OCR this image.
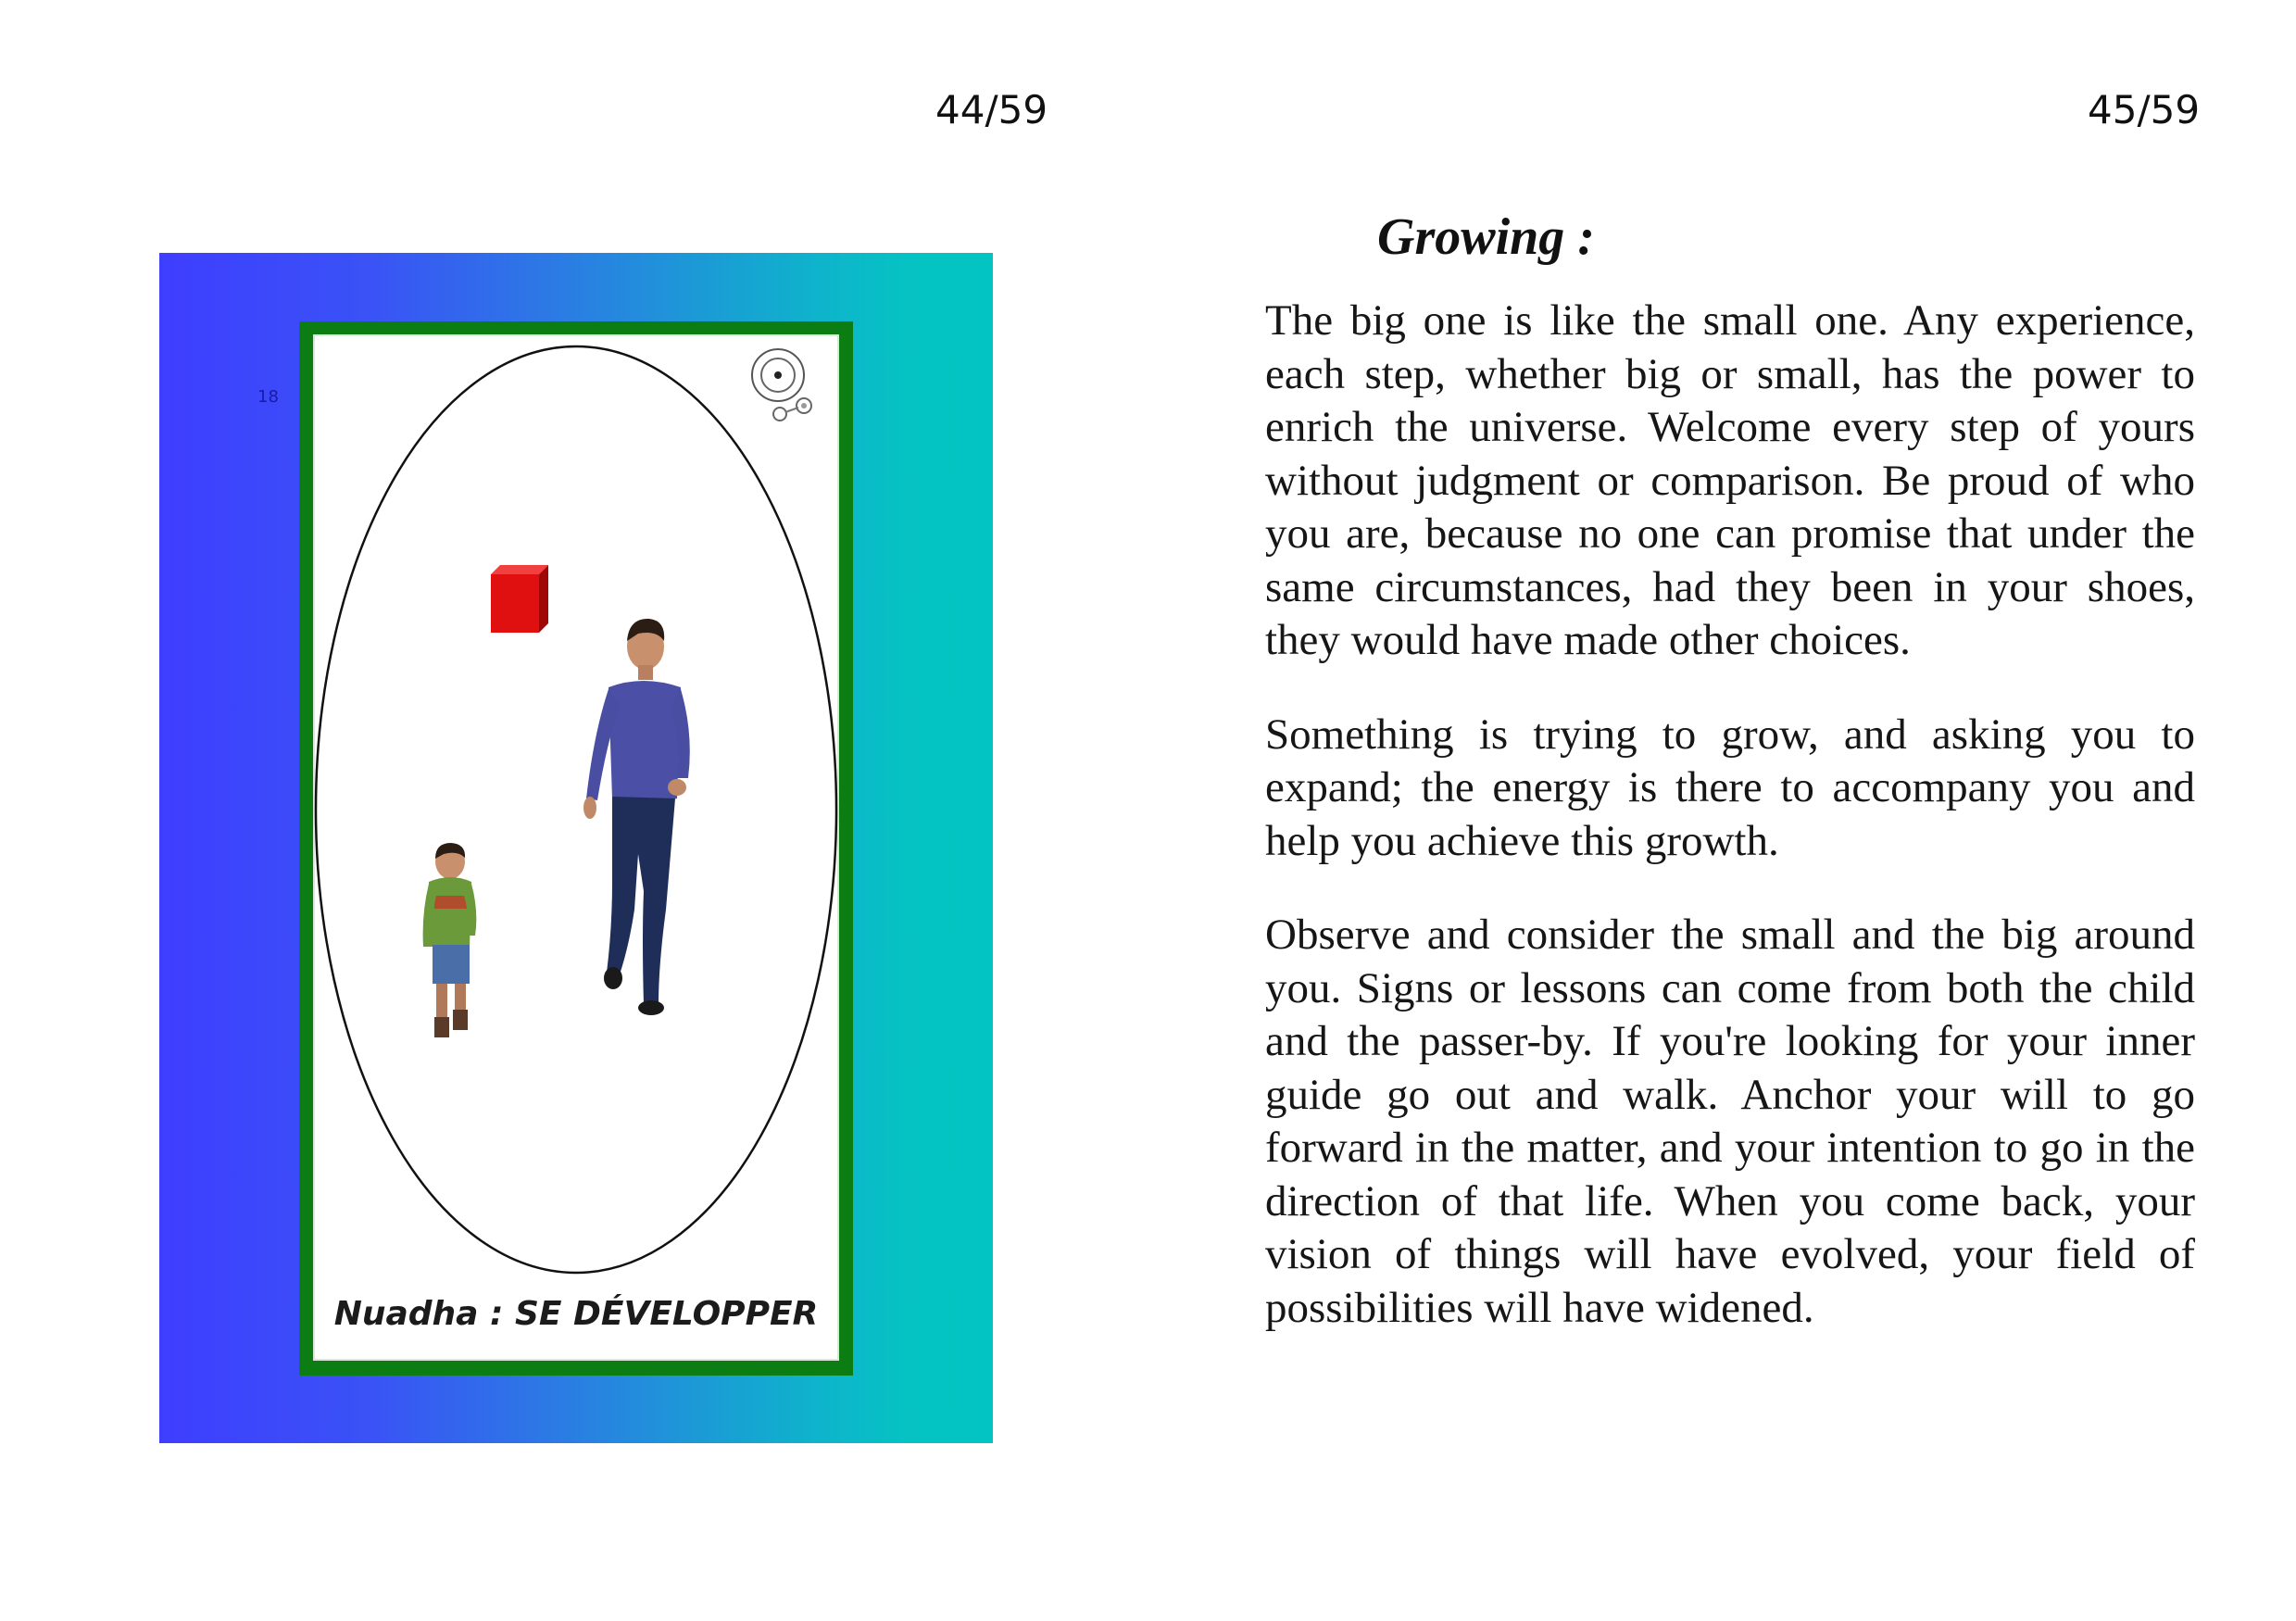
44/59	45/59
18
Nuadha : SE DÉVELOPPER
Growing :

The big one is like the small one. Any experience, each step, whether big or small, has the power to enrich the universe. Welcome every step of yours without judgment or comparison. Be proud of who you are, because no one can promise that under the same circumstances, had they been in your shoes, they would have made other choices.

Something is trying to grow, and asking you to expand; the energy is there to accompany you and help you achieve this growth.

Observe and consider the small and the big around you. Signs or lessons can come from both the child and the passer-by. If you're looking for your inner guide go out and walk. Anchor your will to go forward in the matter, and your intention to go in the direction of that life. When you come back, your vision of things will have evolved, your field of possibilities will have widened.
